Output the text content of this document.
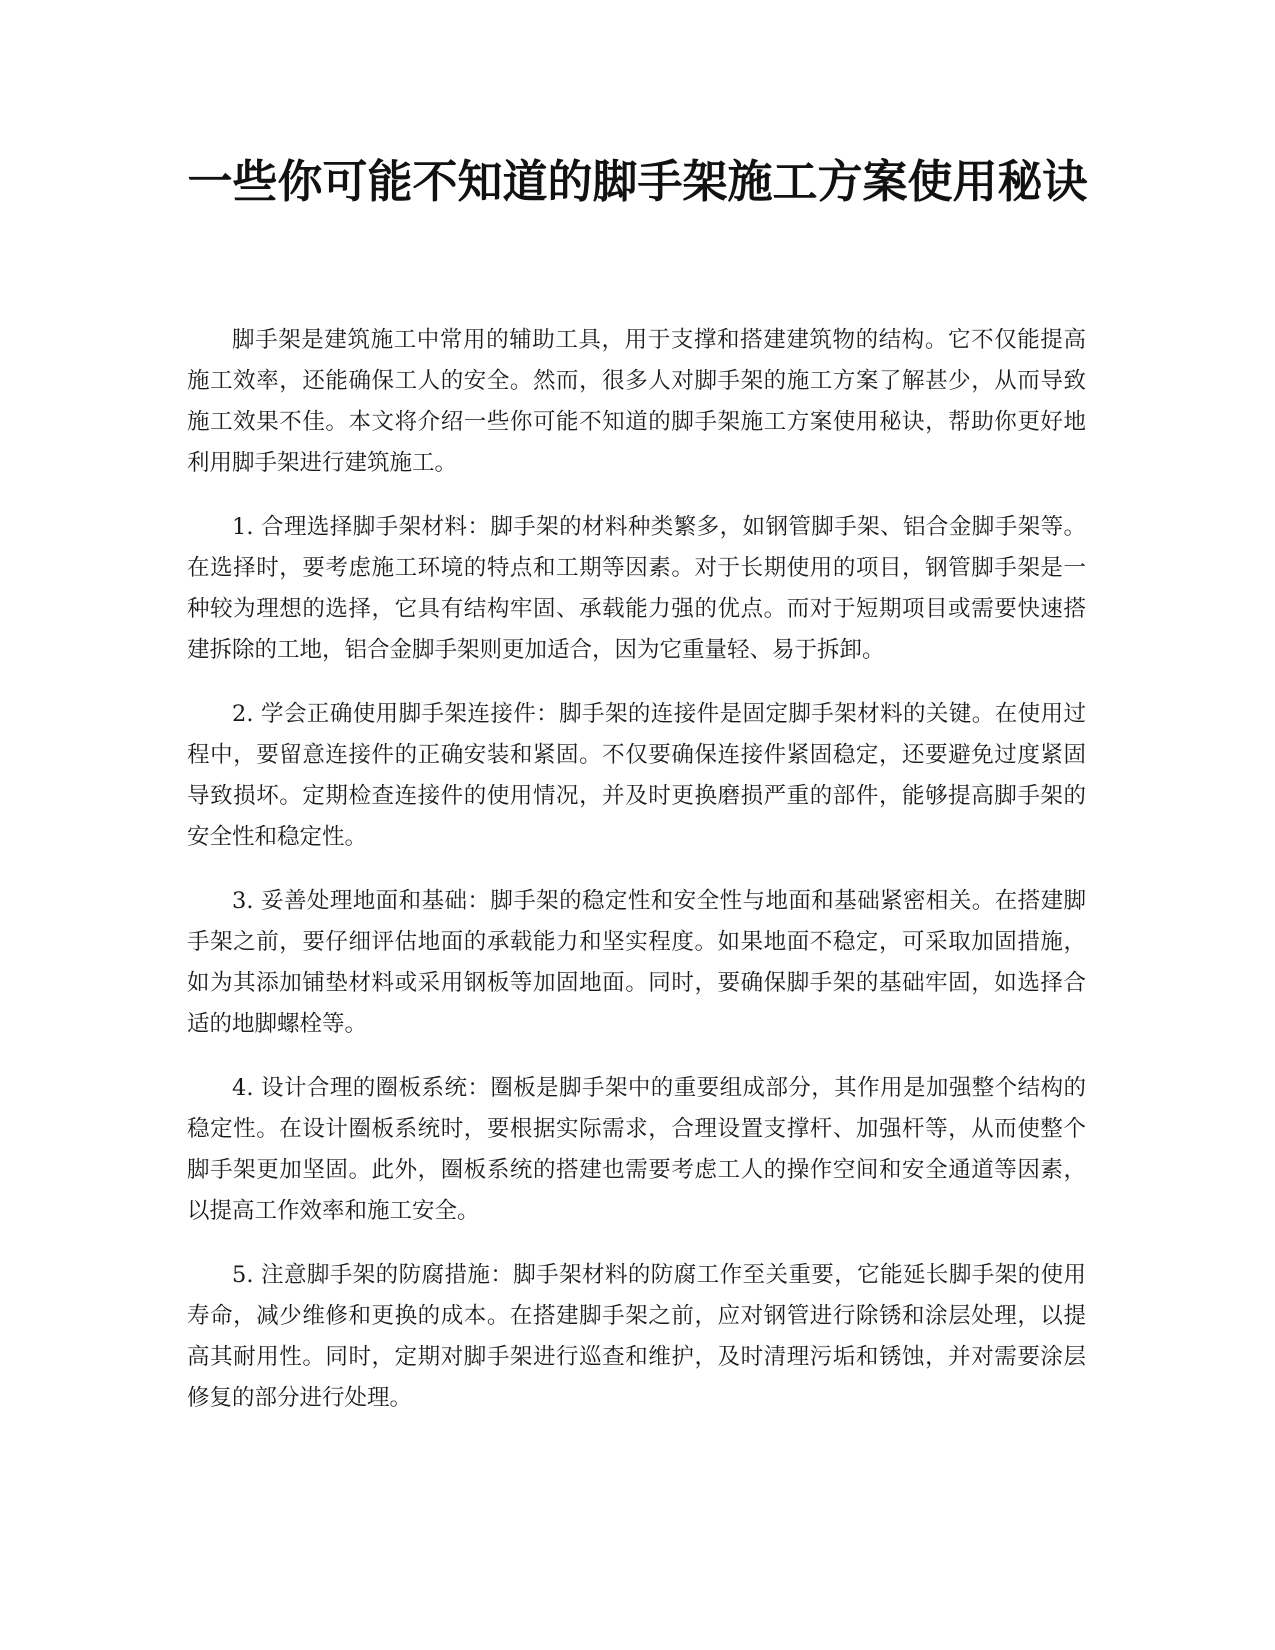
一些你可能不知道的脚手架施工方案使用秘诀

脚手架是建筑施工中常用的辅助工具，用于支撑和搭建建筑物的结构。它不仅能提高施工效率，还能确保工人的安全。然而，很多人对脚手架的施工方案了解甚少，从而导致施工效果不佳。本文将介绍一些你可能不知道的脚手架施工方案使用秘诀，帮助你更好地利用脚手架进行建筑施工。

1. 合理选择脚手架材料：脚手架的材料种类繁多，如钢管脚手架、铝合金脚手架等。在选择时，要考虑施工环境的特点和工期等因素。对于长期使用的项目，钢管脚手架是一种较为理想的选择，它具有结构牢固、承载能力强的优点。而对于短期项目或需要快速搭建拆除的工地，铝合金脚手架则更加适合，因为它重量轻、易于拆卸。

2. 学会正确使用脚手架连接件：脚手架的连接件是固定脚手架材料的关键。在使用过程中，要留意连接件的正确安装和紧固。不仅要确保连接件紧固稳定，还要避免过度紧固导致损坏。定期检查连接件的使用情况，并及时更换磨损严重的部件，能够提高脚手架的安全性和稳定性。

3. 妥善处理地面和基础：脚手架的稳定性和安全性与地面和基础紧密相关。在搭建脚手架之前，要仔细评估地面的承载能力和坚实程度。如果地面不稳定，可采取加固措施，如为其添加铺垫材料或采用钢板等加固地面。同时，要确保脚手架的基础牢固，如选择合适的地脚螺栓等。

4. 设计合理的圈板系统：圈板是脚手架中的重要组成部分，其作用是加强整个结构的稳定性。在设计圈板系统时，要根据实际需求，合理设置支撑杆、加强杆等，从而使整个脚手架更加坚固。此外，圈板系统的搭建也需要考虑工人的操作空间和安全通道等因素，以提高工作效率和施工安全。

5. 注意脚手架的防腐措施：脚手架材料的防腐工作至关重要，它能延长脚手架的使用寿命，减少维修和更换的成本。在搭建脚手架之前，应对钢管进行除锈和涂层处理，以提高其耐用性。同时，定期对脚手架进行巡查和维护，及时清理污垢和锈蚀，并对需要涂层修复的部分进行处理。
